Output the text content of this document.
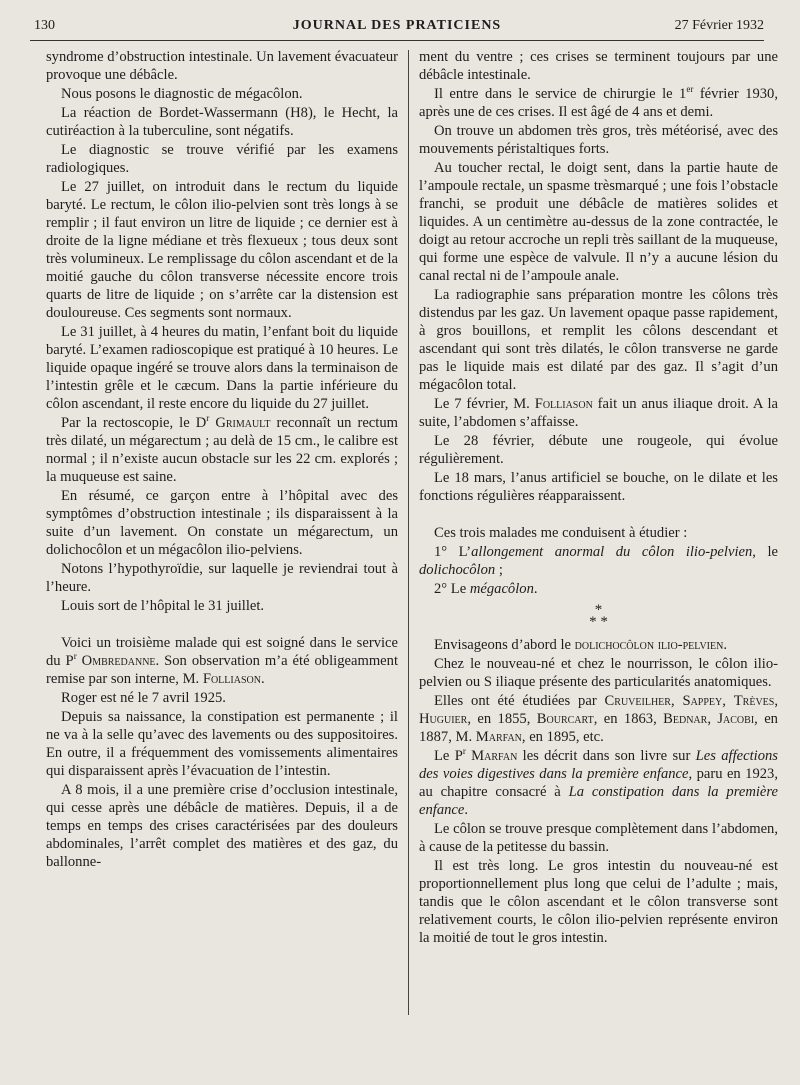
130	JOURNAL DES PRATICIENS	27 Février 1932

syndrome d’obstruction intestinale. Un lavement évacuateur provoque une débâcle.

Nous posons le diagnostic de mégacôlon.

La réaction de Bordet-Wassermann (H8), le Hecht, la cutiréaction à la tuberculine, sont négatifs.

Le diagnostic se trouve vérifié par les examens radiologiques.

Le 27 juillet, on introduit dans le rectum du liquide baryté. Le rectum, le côlon ilio-pelvien sont très longs à se remplir ; il faut environ un litre de liquide ; ce dernier est à droite de la ligne médiane et très flexueux ; tous deux sont très volumineux. Le remplissage du côlon ascendant et de la moitié gauche du côlon transverse nécessite encore trois quarts de litre de liquide ; on s’arrête car la distension est douloureuse. Ces segments sont normaux.

Le 31 juillet, à 4 heures du matin, l’enfant boit du liquide baryté. L’examen radioscopique est pratiqué à 10 heures. Le liquide opaque ingéré se trouve alors dans la terminaison de l’intestin grêle et le cæcum. Dans la partie inférieure du côlon ascendant, il reste encore du liquide du 27 juillet.

Par la rectoscopie, le $D^r$ Grimault reconnaît un rectum très dilaté, un mégarectum ; au delà de 15 cm., le calibre est normal ; il n’existe aucun obstacle sur les 22 cm. explorés ; la muqueuse est saine.

En résumé, ce garçon entre à l’hôpital avec des symptômes d’obstruction intestinale ; ils disparaissent à la suite d’un lavement. On constate un mégarectum, un dolichocôlon et un mégacôlon ilio-pelviens.

Notons l’hypothyroïdie, sur laquelle je reviendrai tout à l’heure.

Louis sort de l’hôpital le 31 juillet.

Voici un troisième malade qui est soigné dans le service du $P^r$ Ombredanne. Son observation m’a été obligeamment remise par son interne, M. Folliason.

Roger est né le 7 avril 1925.

Depuis sa naissance, la constipation est permanente ; il ne va à la selle qu’avec des lavements ou des suppositoires. En outre, il a fréquemment des vomissements alimentaires qui disparaissent après l’évacuation de l’intestin.

A 8 mois, il a une première crise d’occlusion intestinale, qui cesse après une débâcle de matières. Depuis, il a de temps en temps des crises caractérisées par des douleurs abdominales, l’arrêt complet des matières et des gaz, du ballonne-

ment du ventre ; ces crises se terminent toujours par une débâcle intestinale.

Il entre dans le service de chirurgie le 1er février 1930, après une de ces crises. Il est âgé de 4 ans et demi.

On trouve un abdomen très gros, très météorisé, avec des mouvements péristaltiques forts.

Au toucher rectal, le doigt sent, dans la partie haute de l’ampoule rectale, un spasme trèsmarqué ; une fois l’obstacle franchi, se produit une débâcle de matières solides et liquides. A un centimètre au-dessus de la zone contractée, le doigt au retour accroche un repli très saillant de la muqueuse, qui forme une espèce de valvule. Il n’y a aucune lésion du canal rectal ni de l’ampoule anale.

La radiographie sans préparation montre les côlons très distendus par les gaz. Un lavement opaque passe rapidement, à gros bouillons, et remplit les côlons descendant et ascendant qui sont très dilatés, le côlon transverse ne garde pas le liquide mais est dilaté par des gaz. Il s’agit d’un mégacôlon total.

Le 7 février, M. Folliason fait un anus iliaque droit. A la suite, l’abdomen s’affaisse.

Le 28 février, débute une rougeole, qui évolue régulièrement.

Le 18 mars, l’anus artificiel se bouche, on le dilate et les fonctions régulières réapparaissent.

Ces trois malades me conduisent à étudier :

1° L’allongement anormal du côlon ilio-pelvien, le dolichocôlon ;

2° Le mégacôlon.

*
* *

Envisageons d’abord le dolichocôlon ilio-pelvien.

Chez le nouveau-né et chez le nourrisson, le côlon ilio-pelvien ou S iliaque présente des particularités anatomiques.

Elles ont été étudiées par Cruveilher, Sappey, Trèves, Huguier, en 1855, Bourcart, en 1863, Bednar, Jacobi, en 1887, M. Marfan, en 1895, etc.

Le $P^r$ Marfan les décrit dans son livre sur Les affections des voies digestives dans la première enfance, paru en 1923, au chapitre consacré à La constipation dans la première enfance.

Le côlon se trouve presque complètement dans l’abdomen, à cause de la petitesse du bassin.

Il est très long. Le gros intestin du nouveau-né est proportionnellement plus long que celui de l’adulte ; mais, tandis que le côlon ascendant et le côlon transverse sont relativement courts, le côlon ilio-pelvien représente environ la moitié de tout le gros intestin.
